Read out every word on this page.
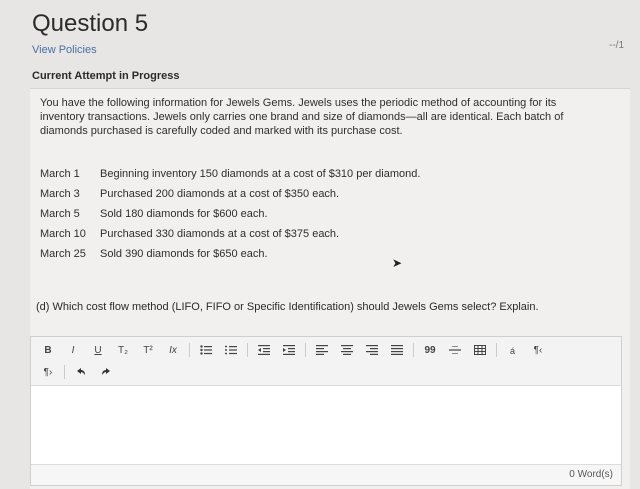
Question 5
View Policies	--/1
Current Attempt in Progress
You have the following information for Jewels Gems. Jewels uses the periodic method of accounting for its inventory transactions. Jewels only carries one brand and size of diamonds—all are identical. Each batch of diamonds purchased is carefully coded and marked with its purchase cost.
March 1 Beginning inventory 150 diamonds at a cost of $310 per diamond.
March 3 Purchased 200 diamonds at a cost of $350 each.
March 5 Sold 180 diamonds for $600 each.
March 10 Purchased 330 diamonds at a cost of $375 each.
March 25 Sold 390 diamonds for $650 each.
➤
(d) Which cost flow method (LIFO, FIFO or Specific Identification) should Jewels Gems select? Explain.
B I U T₂ T² Ix	99	á ¶‹
¶›
0 Word(s)
